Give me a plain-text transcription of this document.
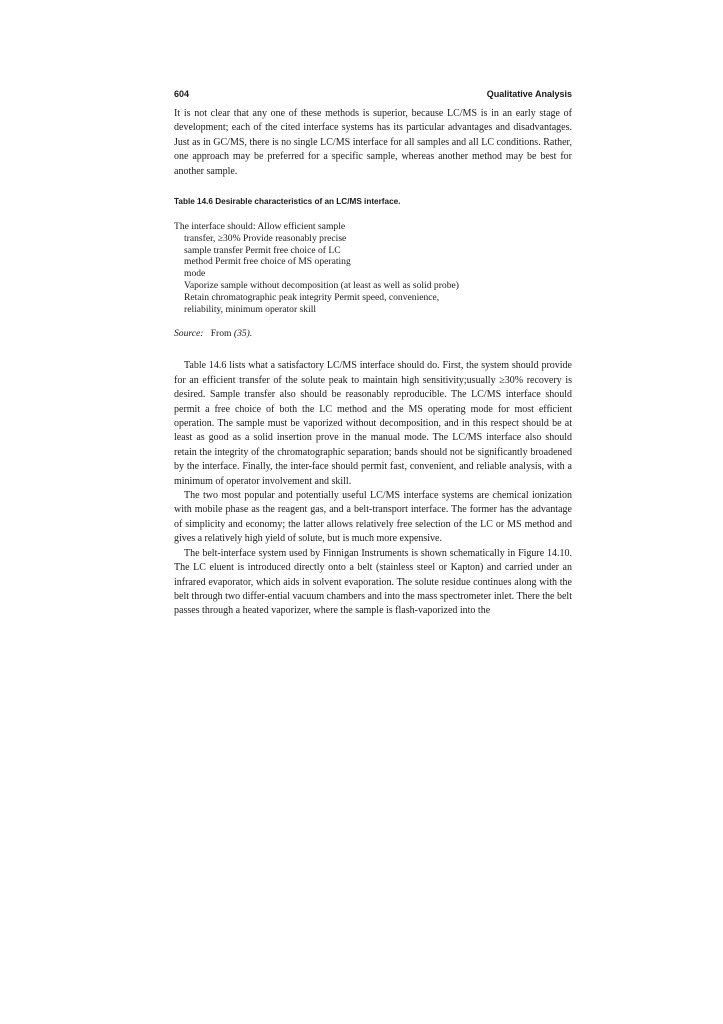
604	Qualitative Analysis

It is not clear that any one of these methods is superior, because LC/MS is in an early stage of development; each of the cited interface systems has its particular advantages and disadvantages. Just as in GC/MS, there is no single LC/MS interface for all samples and all LC conditions. Rather, one approach may be preferred for a specific sample, whereas another method may be best for another sample.

Table 14.6 Desirable characteristics of an LC/MS interface.
The interface should: Allow efficient sample
transfer, ≥30% Provide reasonably precise
sample transfer Permit free choice of LC
method Permit free choice of MS operating
mode
Vaporize sample without decomposition (at least as well as solid probe)
Retain chromatographic peak integrity Permit speed, convenience,
reliability, minimum operator skill
Source: From (35).

Table 14.6 lists what a satisfactory LC/MS interface should do. First, the system should provide for an efficient transfer of the solute peak to maintain high sensitivity;usually ≥30% recovery is desired. Sample transfer also should be reasonably reproducible. The LC/MS interface should permit a free choice of both the LC method and the MS operating mode for most efficient operation. The sample must be vaporized without decomposition, and in this respect should be at least as good as a solid insertion prove in the manual mode. The LC/MS interface also should retain the integrity of the chromatographic separation; bands should not be significantly broadened by the interface. Finally, the inter-face should permit fast, convenient, and reliable analysis, with a minimum of operator involvement and skill.

The two most popular and potentially useful LC/MS interface systems are chemical ionization with mobile phase as the reagent gas, and a belt-transport interface. The former has the advantage of simplicity and economy; the latter allows relatively free selection of the LC or MS method and gives a relatively high yield of solute, but is much more expensive.

The belt-interface system used by Finnigan Instruments is shown schematically in Figure 14.10. The LC eluent is introduced directly onto a belt (stainless steel or Kapton) and carried under an infrared evaporator, which aids in solvent evaporation. The solute residue continues along with the belt through two differ-ential vacuum chambers and into the mass spectrometer inlet. There the belt passes through a heated vaporizer, where the sample is flash-vaporized into the
